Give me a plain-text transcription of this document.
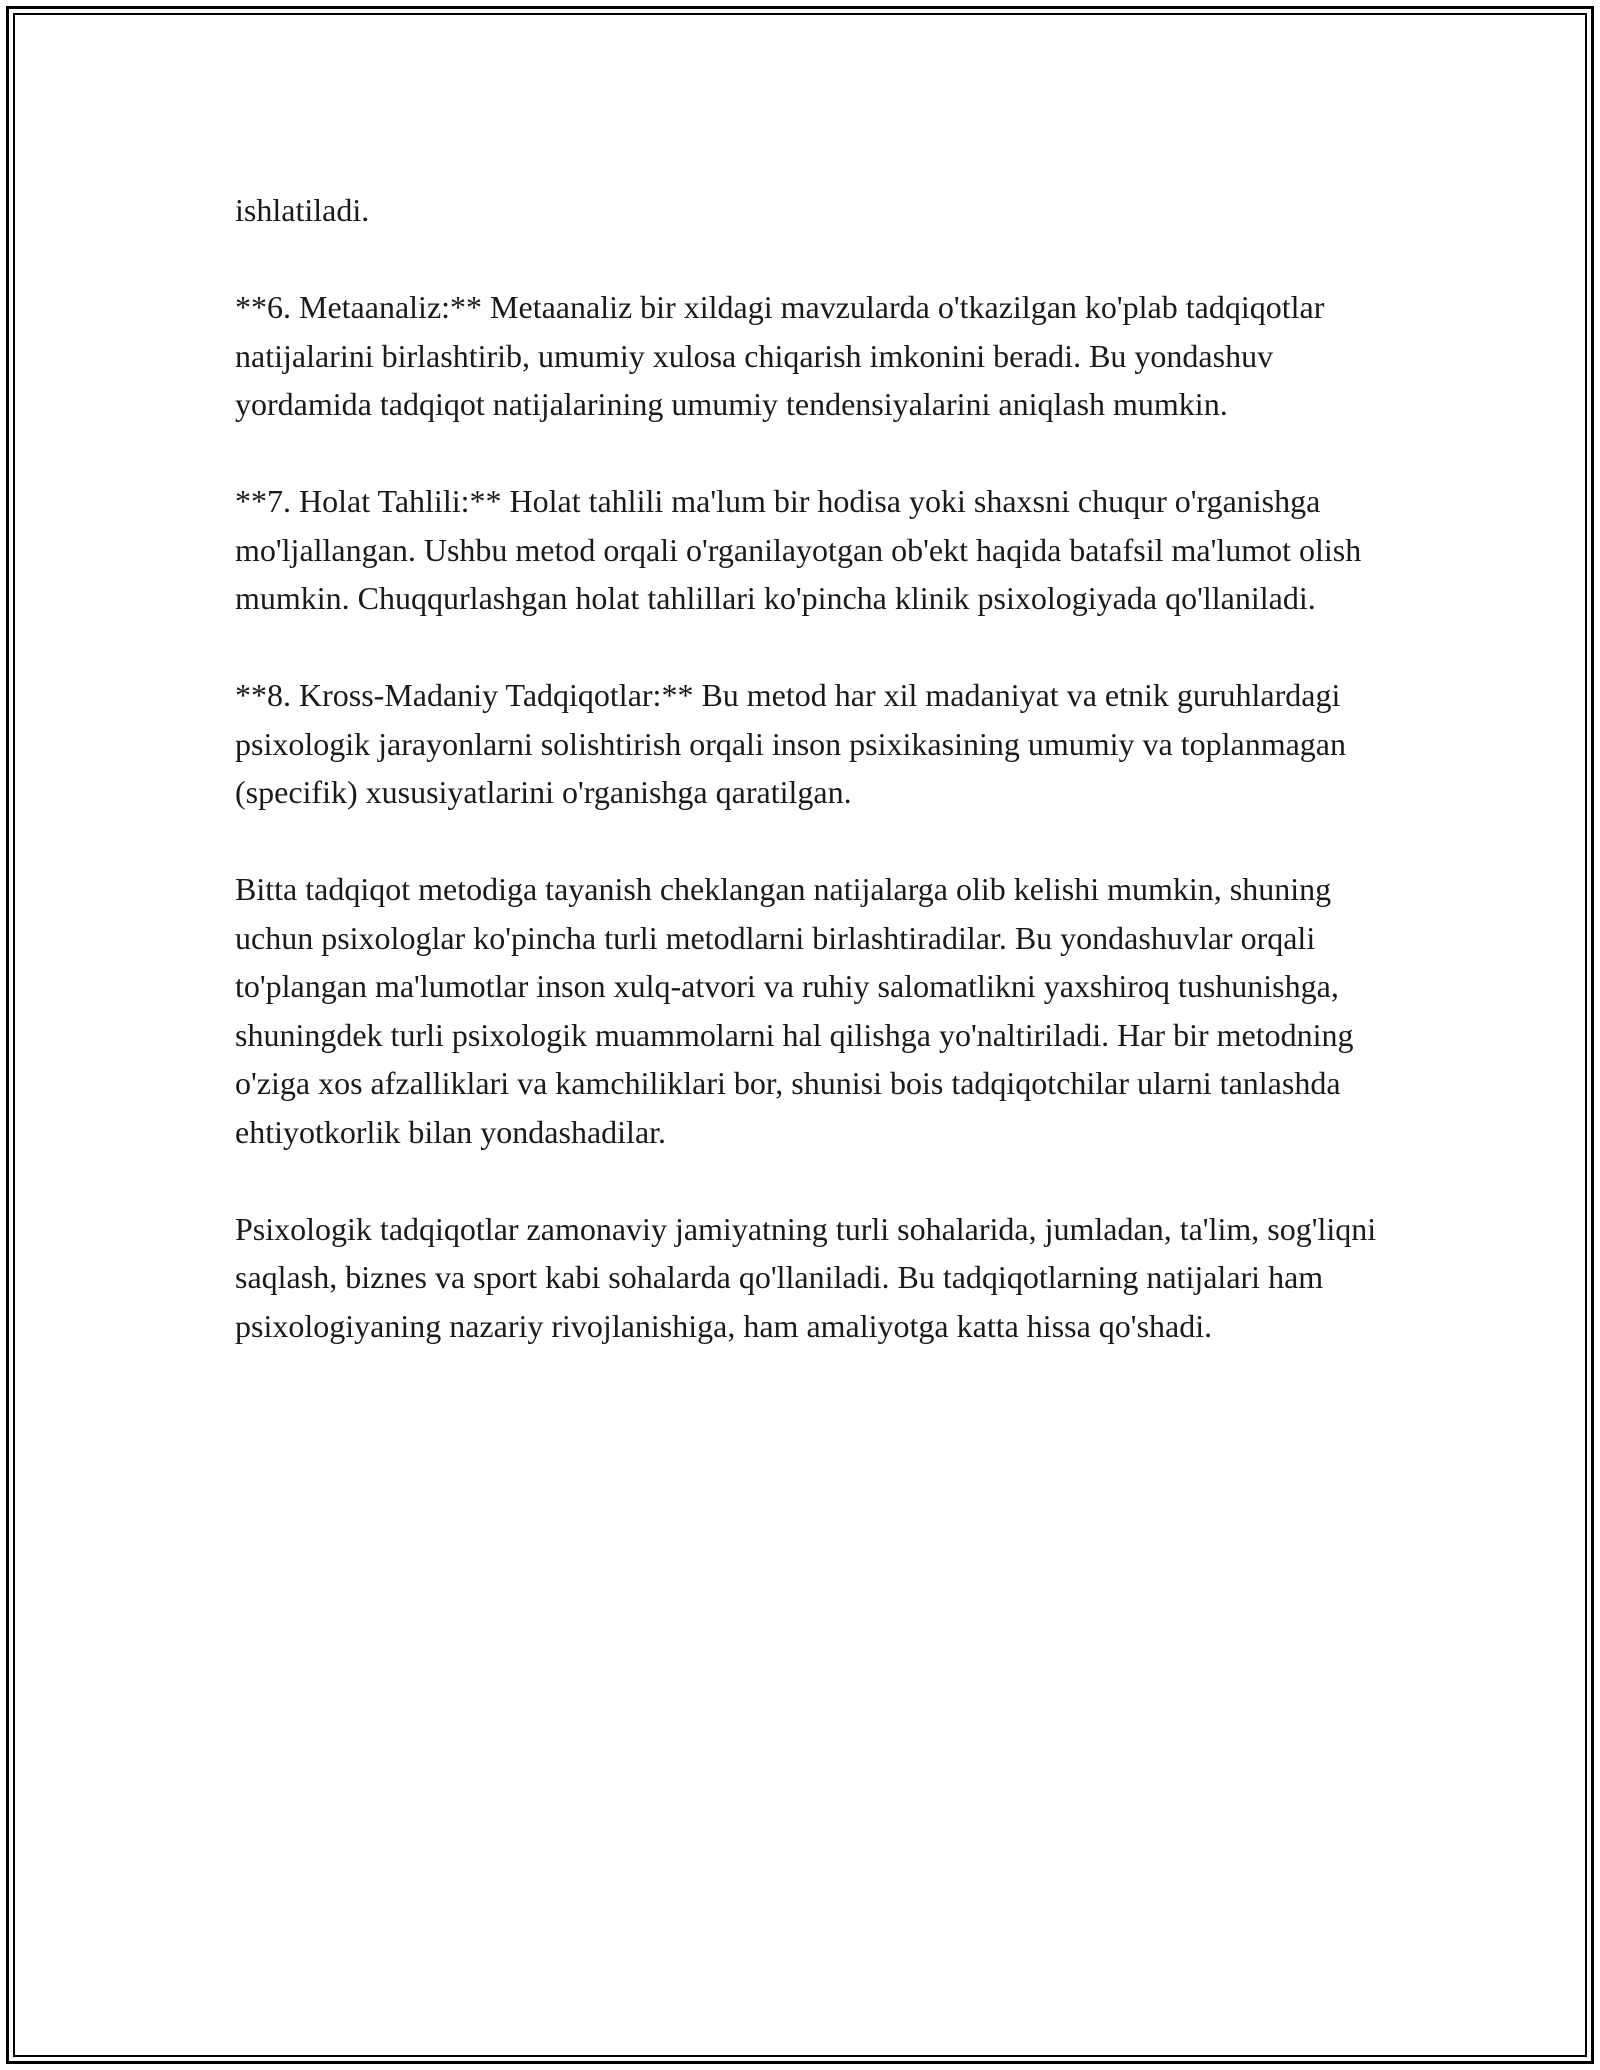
ishlatiladi.

**6. Metaanaliz:** Metaanaliz bir xildagi mavzularda o'tkazilgan ko'plab tadqiqotlar natijalarini birlashtirib, umumiy xulosa chiqarish imkonini beradi. Bu yondashuv yordamida tadqiqot natijalarining umumiy tendensiyalarini aniqlash mumkin.

**7. Holat Tahlili:** Holat tahlili ma'lum bir hodisa yoki shaxsni chuqur o'rganishga mo'ljallangan. Ushbu metod orqali o'rganilayotgan ob'ekt haqida batafsil ma'lumot olish mumkin. Chuqqurlashgan holat tahlillari ko'pincha klinik psixologiyada qo'llaniladi.

**8. Kross-Madaniy Tadqiqotlar:** Bu metod har xil madaniyat va etnik guruhlardagi psixologik jarayonlarni solishtirish orqali inson psixikasining umumiy va toplanmagan (specifik) xususiyatlarini o'rganishga qaratilgan.

Bitta tadqiqot metodiga tayanish cheklangan natijalarga olib kelishi mumkin, shuning uchun psixologlar ko'pincha turli metodlarni birlashtiradilar. Bu yondashuvlar orqali to'plangan ma'lumotlar inson xulq-atvori va ruhiy salomatlikni yaxshiroq tushunishga, shuningdek turli psixologik muammolarni hal qilishga yo'naltiriladi. Har bir metodning o'ziga xos afzalliklari va kamchiliklari bor, shunisi bois tadqiqotchilar ularni tanlashda ehtiyotkorlik bilan yondashadilar.

Psixologik tadqiqotlar zamonaviy jamiyatning turli sohalarida, jumladan, ta'lim, sog'liqni saqlash, biznes va sport kabi sohalarda qo'llaniladi. Bu tadqiqotlarning natijalari ham psixologiyaning nazariy rivojlanishiga, ham amaliyotga katta hissa qo'shadi.
